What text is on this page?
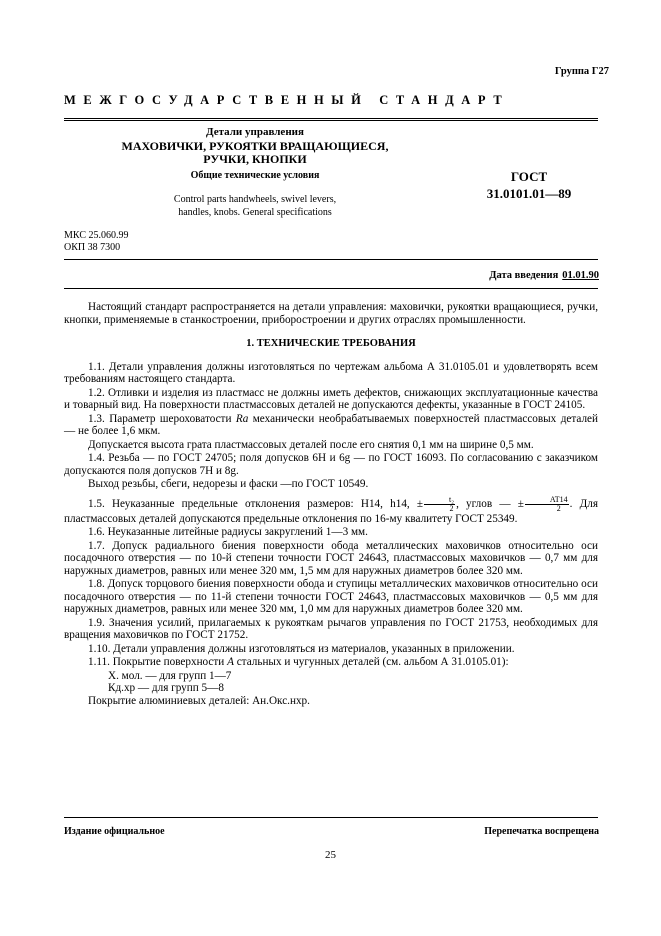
Группа Г27
МЕЖГОСУДАРСТВЕННЫЙ СТАНДАРТ
Детали управления
МАХОВИЧКИ, РУКОЯТКИ ВРАЩАЮЩИЕСЯ,
РУЧКИ, КНОПКИ
Общие технические условия
Control parts handwheels, swivel levers,
handles, knobs. General specifications
ГОСТ
31.0101.01—89
МКС 25.060.99
ОКП 38 7300
Дата введения 01.01.90

Настоящий стандарт распространяется на детали управления: маховички, рукоятки вращающиеся, ручки, кнопки, применяемые в станкостроении, приборостроении и других отраслях промышленности.

1. ТЕХНИЧЕСКИЕ ТРЕБОВАНИЯ

1.1. Детали управления должны изготовляться по чертежам альбома А 31.0105.01 и удовлетворять всем требованиям настоящего стандарта.

1.2. Отливки и изделия из пластмасс не должны иметь дефектов, снижающих эксплуатационные качества и товарный вид. На поверхности пластмассовых деталей не допускаются дефекты, указанные в ГОСТ 24105.

1.3. Параметр шероховатости Ra механически необрабатываемых поверхностей пластмассовых деталей — не более 1,6 мкм.

Допускается высота грата пластмассовых деталей после его снятия 0,1 мм на ширине 0,5 мм.

1.4. Резьба — по ГОСТ 24705; поля допусков 6H и 6g — по ГОСТ 16093. По согласованию с заказчиком допускаются поля допусков 7H и 8g.

Выход резьбы, сбеги, недорезы и фаски —по ГОСТ 10549.

1.5. Неуказанные предельные отклонения размеров: H14, h14, ± $\frac{\text{t₂}}{2}$ , углов — ± $\frac{AT14}{2}$ . Для пластмассовых деталей допускаются предельные отклонения по 16-му квалитету ГОСТ 25349.

1.6. Неуказанные литейные радиусы закруглений 1—3 мм.

1.7. Допуск радиального биения поверхности обода металлических маховичков относительно оси посадочного отверстия — по 10-й степени точности ГОСТ 24643, пластмассовых маховичков — 0,7 мм для наружных диаметров, равных или менее 320 мм, 1,5 мм для наружных диаметров более 320 мм.

1.8. Допуск торцового биения поверхности обода и ступицы металлических маховичков относительно оси посадочного отверстия — по 11-й степени точности ГОСТ 24643, пластмассовых маховичков — 0,5 мм для наружных диаметров, равных или менее 320 мм, 1,0 мм для наружных диаметров более 320 мм.

1.9. Значения усилий, прилагаемых к рукояткам рычагов управления по ГОСТ 21753, необходимых для вращения маховичков по ГОСТ 21752.

1.10. Детали управления должны изготовляться из материалов, указанных в приложении.

1.11. Покрытие поверхности А стальных и чугунных деталей (см. альбом А 31.0105.01):

Х. мол. — для групп 1—7

Кд.хр — для групп 5—8

Покрытие алюминиевых деталей: Ан.Окс.нхр.

Издание официальное	Перепечатка воспрещена
25
